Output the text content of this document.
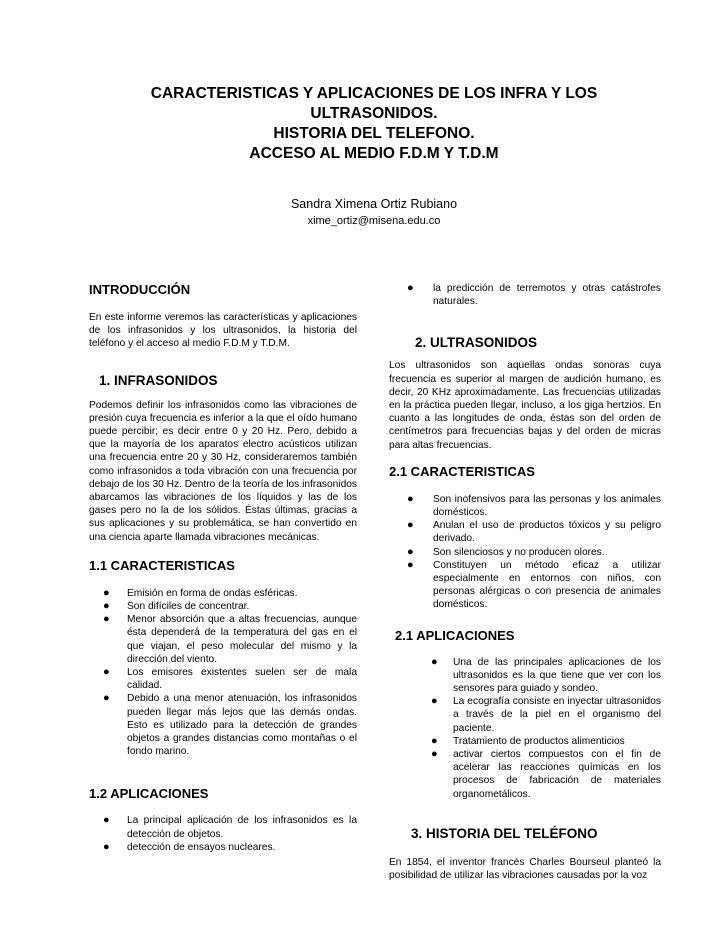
CARACTERISTICAS Y APLICACIONES DE LOS INFRA Y LOS
ULTRASONIDOS.
HISTORIA DEL TELEFONO.
ACCESO AL MEDIO F.D.M Y T.D.M
Sandra Ximena Ortiz Rubiano
xime_ortiz@misena.edu.co
INTRODUCCIÓN
En este informe veremos las características y aplicaciones de los infrasonidos y los ultrasonidos, la historia del teléfono y el acceso al medio F.D.M y T.D.M.
1. INFRASONIDOS
Podemos definir los infrasonidos como las vibraciones de presión cuya frecuencia es inferior a la que el oído humano puede percibir; es decir entre 0 y 20 Hz. Pero, debido a que la mayoría de los aparatos electro acústicos utilizan una frecuencia entre 20 y 30 Hz, consideraremos también como infrasonidos a toda vibración con una frecuencia por debajo de los 30 Hz. Dentro de la teoría de los infrasonidos abarcamos las vibraciones de los líquidos y las de los gases pero no la de los sólidos. Éstas últimas, gracias a sus aplicaciones y su problemática, se han convertido en una ciencia aparte llamada vibraciones mecánicas.
1.1 CARACTERISTICAS
● Emisión en forma de ondas esféricas.
● Son difíciles de concentrar.
● Menor absorción que a altas frecuencias, aunque ésta dependerá de la temperatura del gas en el que viajan, el peso molecular del mismo y la dirección del viento.
● Los emisores existentes suelen ser de mala calidad.
● Debido a una menor atenuación, los infrasonidos pueden llegar más lejos que las demás ondas. Esto es utilizado para la detección de grandes objetos a grandes distancias como montañas o el fondo marino.
1.2 APLICACIONES
● La principal aplicación de los infrasonidos es la detección de objetos.
● detección de ensayos nucleares.
● la predicción de terremotos y otras catástrofes naturales.
2. ULTRASONIDOS
Los ultrasonidos son aquellas ondas sonoras cuya frecuencia es superior al margen de audición humano, es decir, 20 KHz aproximadamente. Las frecuencias utilizadas en la práctica pueden llegar, incluso, a los giga hertzios. En cuanto a las longitudes de onda, éstas son del orden de centímetros para frecuencias bajas y del orden de micras para altas frecuencias.
2.1 CARACTERISTICAS
● Son inofensivos para las personas y los animales domésticos.
● Anulan el uso de productos tóxicos y su peligro derivado.
● Son silenciosos y no producen olores.
● Constituyen un método eficaz a utilizar especialmente en entornos con niños, con personas alérgicas o con presencia de animales domésticos.
2.1 APLICACIONES
● Una de las principales aplicaciones de los ultrasonidos es la que tiene que ver con los sensores para guiado y sondeo.
● La ecografía consiste en inyectar ultrasonidos a través de la piel en el organismo del paciente.
● Tratamiento de productos alimenticios
● activar ciertos compuestos con el fin de acelerar las reacciones químicas en los procesos de fabricación de materiales organometálicos.
3. HISTORIA DEL TELÉFONO
En 1854, el inventor francés Charles Bourseul planteó la posibilidad de utilizar las vibraciones causadas por la voz
